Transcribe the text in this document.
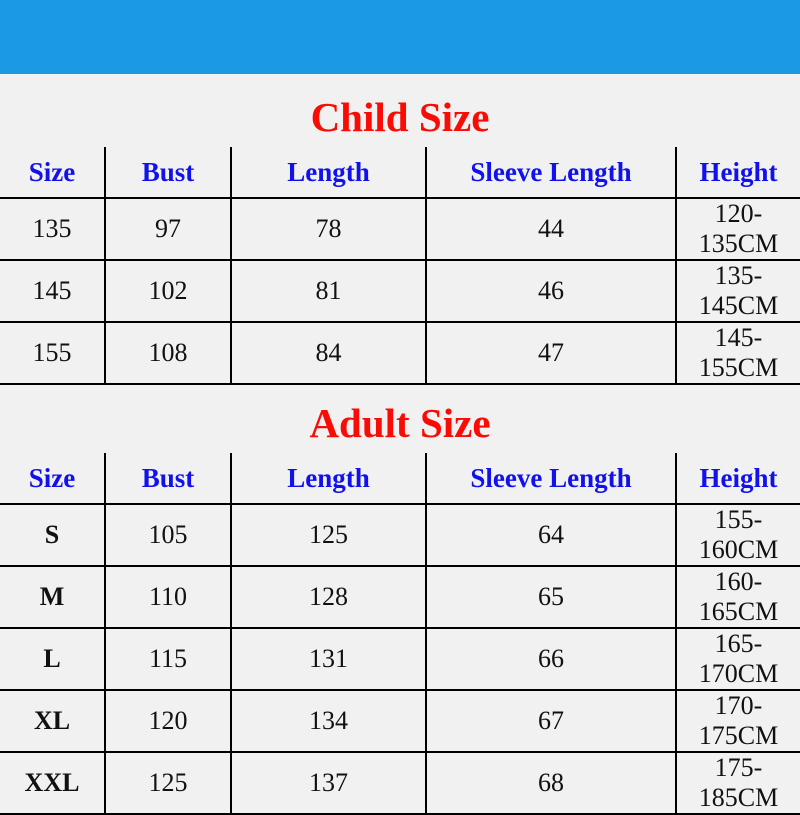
Child Size
Size	Bust	Length	Sleeve Length	Height
135	97	78	44	120-135CM
145	102	81	46	135-145CM
155	108	84	47	145-155CM
Adult Size
Size	Bust	Length	Sleeve Length	Height
S	105	125	64	155-160CM
M	110	128	65	160-165CM
L	115	131	66	165-170CM
XL	120	134	67	170-175CM
XXL	125	137	68	175-185CM
